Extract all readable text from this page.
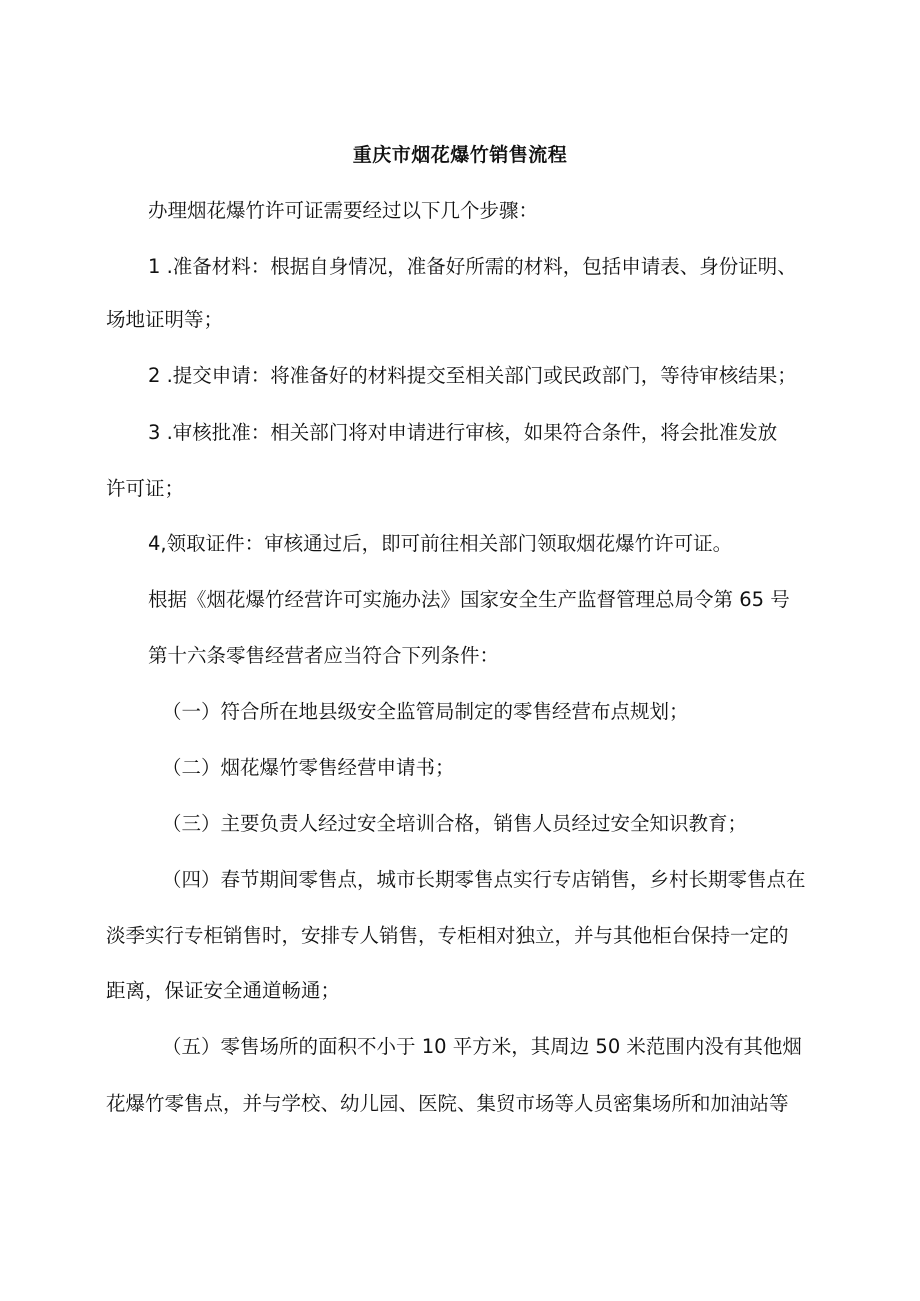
重庆市烟花爆竹销售流程
办理烟花爆竹许可证需要经过以下几个步骤：
1 .准备材料：根据自身情况，准备好所需的材料，包括申请表、身份证明、
场地证明等；
2 .提交申请：将准备好的材料提交至相关部门或民政部门，等待审核结果；
3 .审核批准：相关部门将对申请进行审核，如果符合条件，将会批准发放
许可证；
4,领取证件：审核通过后，即可前往相关部门领取烟花爆竹许可证。
根据《烟花爆竹经营许可实施办法》国家安全生产监督管理总局令第 65 号
第十六条零售经营者应当符合下列条件：
（一）符合所在地县级安全监管局制定的零售经营布点规划；
（二）烟花爆竹零售经营申请书；
（三）主要负责人经过安全培训合格，销售人员经过安全知识教育；
（四）春节期间零售点，城市长期零售点实行专店销售，乡村长期零售点在
淡季实行专柜销售时，安排专人销售，专柜相对独立，并与其他柜台保持一定的
距离，保证安全通道畅通；
（五）零售场所的面积不小于 10 平方米，其周边 50 米范围内没有其他烟
花爆竹零售点，并与学校、幼儿园、医院、集贸市场等人员密集场所和加油站等
